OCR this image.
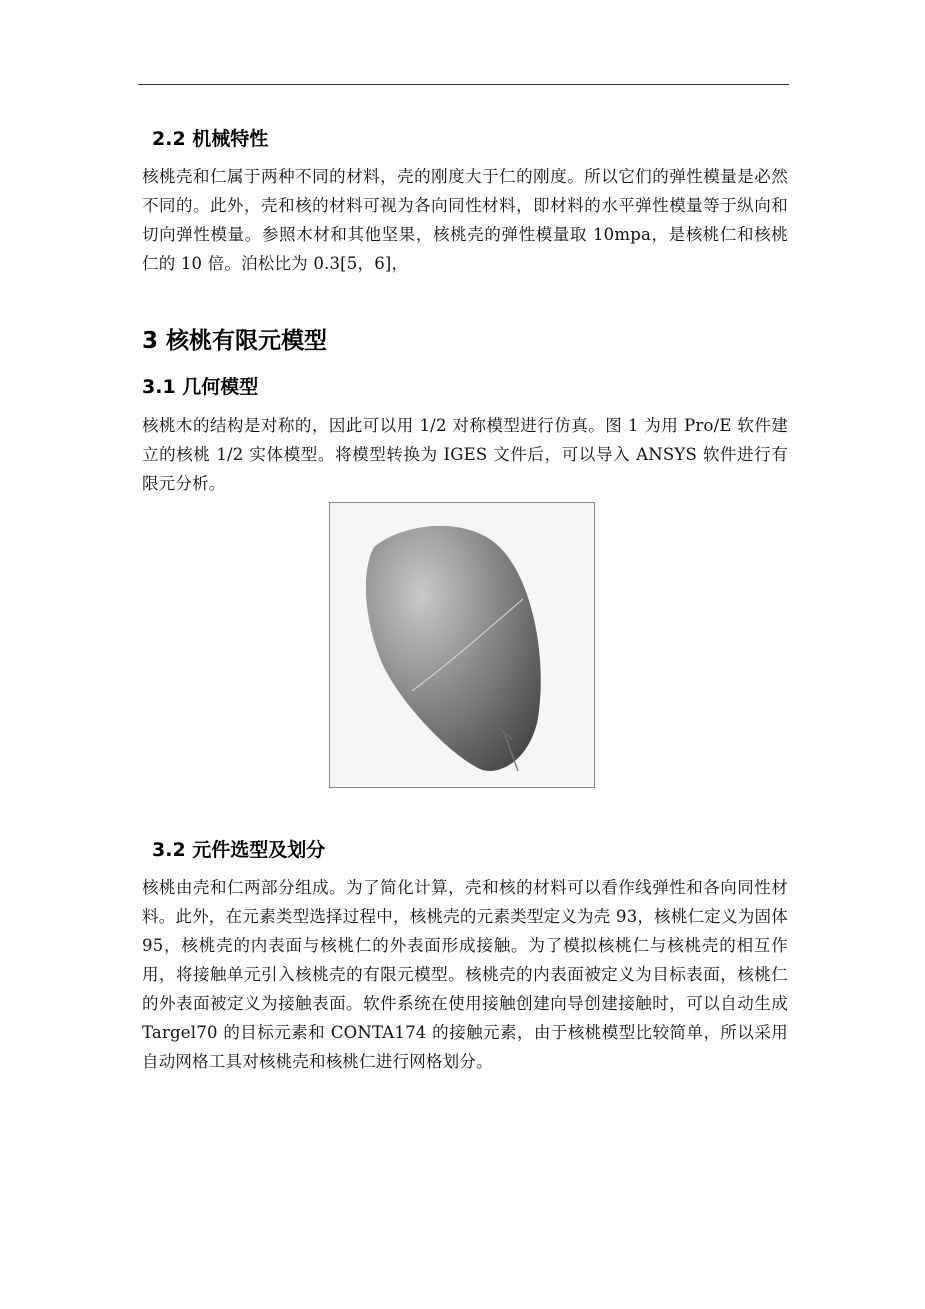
2.2 机械特性

核桃壳和仁属于两种不同的材料，壳的刚度大于仁的刚度。所以它们的弹性模量是必然不同的。此外，壳和核的材料可视为各向同性材料，即材料的水平弹性模量等于纵向和切向弹性模量。参照木材和其他坚果，核桃壳的弹性模量取 10mpa，是核桃仁和核桃仁的 10 倍。泊松比为 0.3[5，6]，

3 核桃有限元模型
3.1 几何模型

核桃木的结构是对称的，因此可以用 1/2 对称模型进行仿真。图 1 为用 Pro/E 软件建立的核桃 1/2 实体模型。将模型转换为 IGES 文件后，可以导入 ANSYS 软件进行有限元分析。

3.2 元件选型及划分

核桃由壳和仁两部分组成。为了简化计算，壳和核的材料可以看作线弹性和各向同性材料。此外，在元素类型选择过程中，核桃壳的元素类型定义为壳 93，核桃仁定义为固体 95，核桃壳的内表面与核桃仁的外表面形成接触。为了模拟核桃仁与核桃壳的相互作用，将接触单元引入核桃壳的有限元模型。核桃壳的内表面被定义为目标表面，核桃仁的外表面被定义为接触表面。软件系统在使用接触创建向导创建接触时，可以自动生成 Targel70 的目标元素和 CONTA174 的接触元素，由于核桃模型比较简单，所以采用自动网格工具对核桃壳和核桃仁进行网格划分。
